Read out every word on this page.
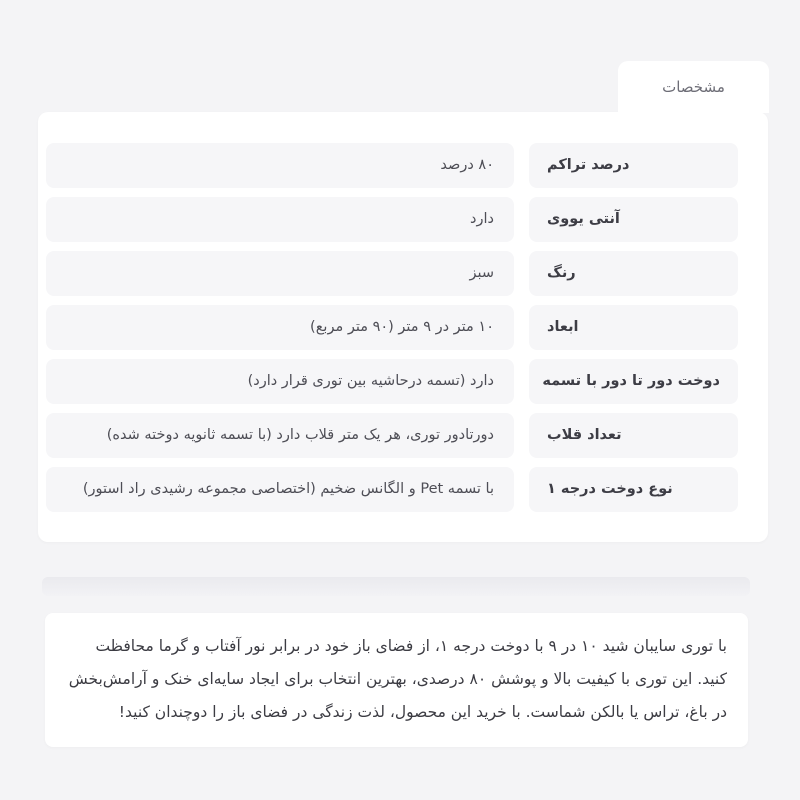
مشخصات
درصد تراکم
۸۰ درصد
آنتی یووی
دارد
رنگ
سبز
ابعاد
۱۰ متر در ۹ متر (۹۰ متر مربع)
دوخت دور تا دور با تسمه
دارد (تسمه درحاشیه بین توری قرار دارد)
تعداد قلاب
دورتادور توری، هر یک متر قلاب دارد (با تسمه ثانویه دوخته شده)
نوع دوخت درجه ۱
با تسمه Pet و الگانس ضخیم (اختصاصی مجموعه رشیدی راد استور)

با توری سایبان شید ۱۰ در ۹ با دوخت درجه ۱، از فضای باز خود در برابر نور آفتاب و گرما محافظت کنید. این توری با کیفیت بالا و پوشش ۸۰ درصدی، بهترین انتخاب برای ایجاد سایه‌ای خنک و آرامش‌بخش در باغ، تراس یا بالکن شماست. با خرید این محصول، لذت زندگی در فضای باز را دوچندان کنید!
